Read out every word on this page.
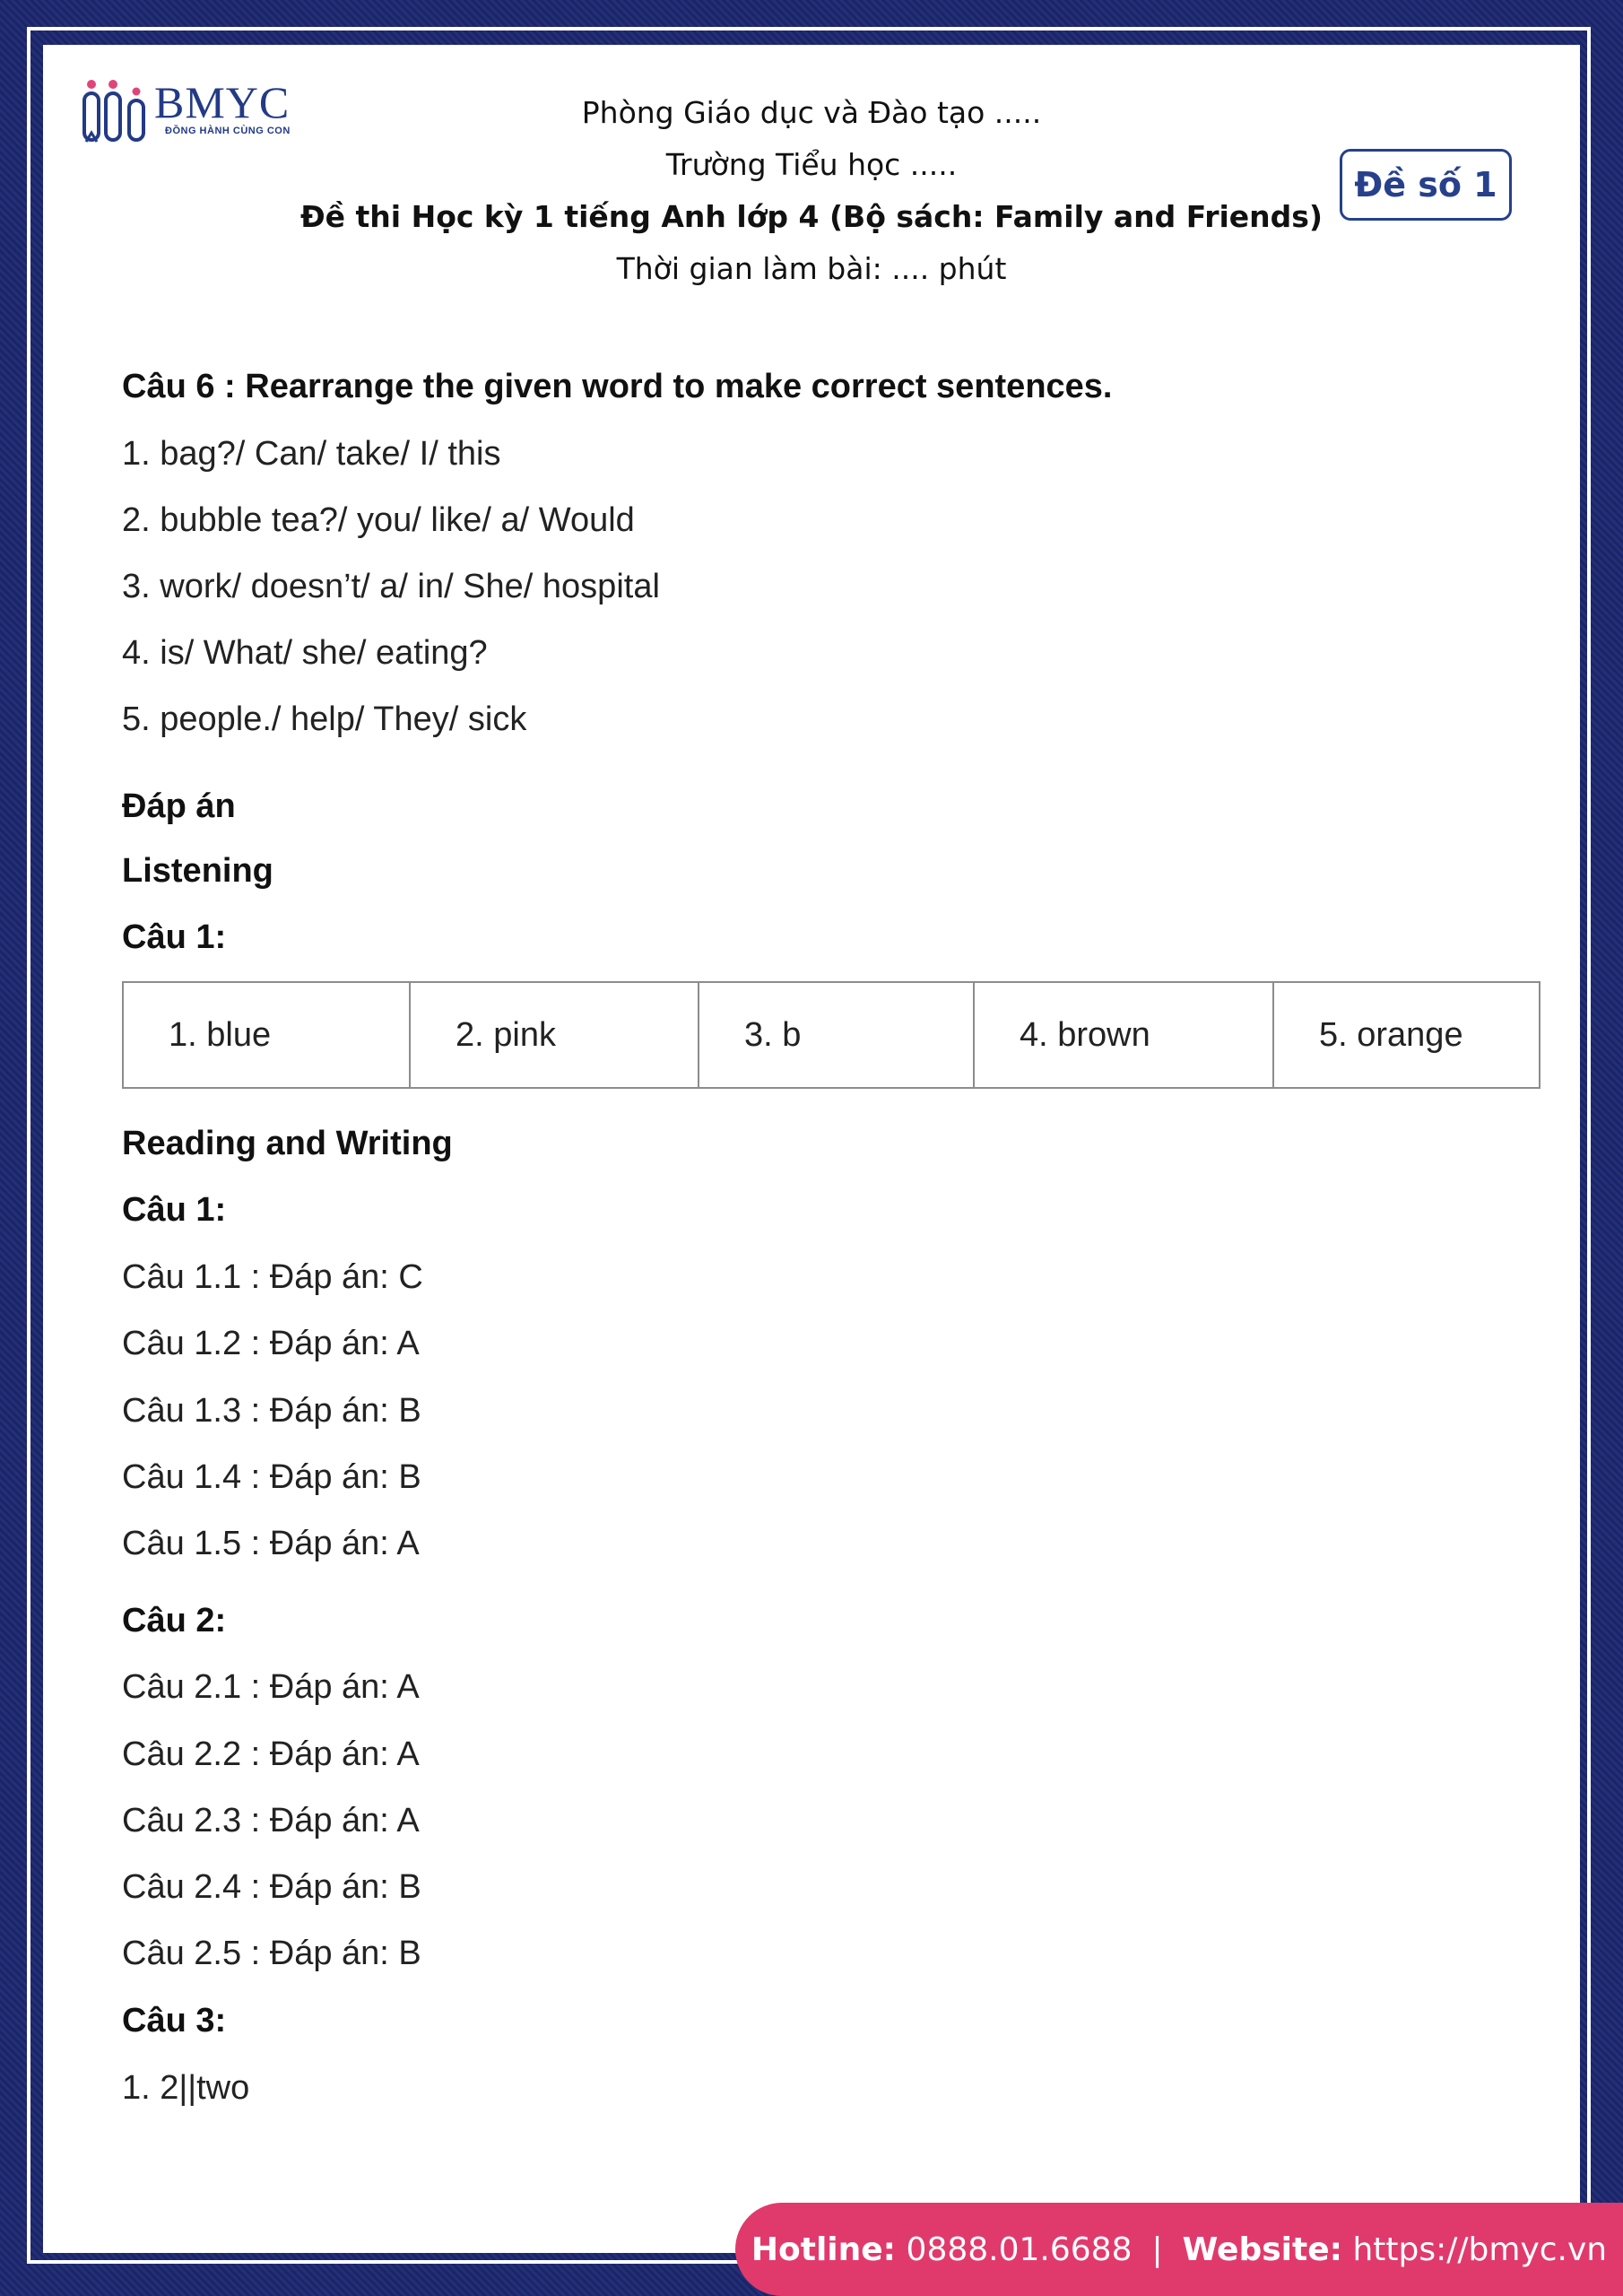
BMYC
ĐỒNG HÀNH CÙNG CON
Phòng Giáo dục và Đào tạo .....
Trường Tiểu học .....
Đề thi Học kỳ 1 tiếng Anh lớp 4 (Bộ sách: Family and Friends)
Thời gian làm bài: .... phút
Đề số 1
Câu 6 : Rearrange the given word to make correct sentences.
1. bag?/ Can/ take/ I/ this
2. bubble tea?/ you/ like/ a/ Would
3. work/ doesn’t/ a/ in/ She/ hospital
4. is/ What/ she/ eating?
5. people./ help/ They/ sick
Đáp án
Listening
Câu 1:
1. blue	2. pink	3. b	4. brown	5. orange
Reading and Writing
Câu 1:
Câu 1.1 : Đáp án: C
Câu 1.2 : Đáp án: A
Câu 1.3 : Đáp án: B
Câu 1.4 : Đáp án: B
Câu 1.5 : Đáp án: A
Câu 2:
Câu 2.1 : Đáp án: A
Câu 2.2 : Đáp án: A
Câu 2.3 : Đáp án: A
Câu 2.4 : Đáp án: B
Câu 2.5 : Đáp án: B
Câu 3:
1. 2||two
Hotline:
0888.01.6688 | Website:
https://bmyc.vn
